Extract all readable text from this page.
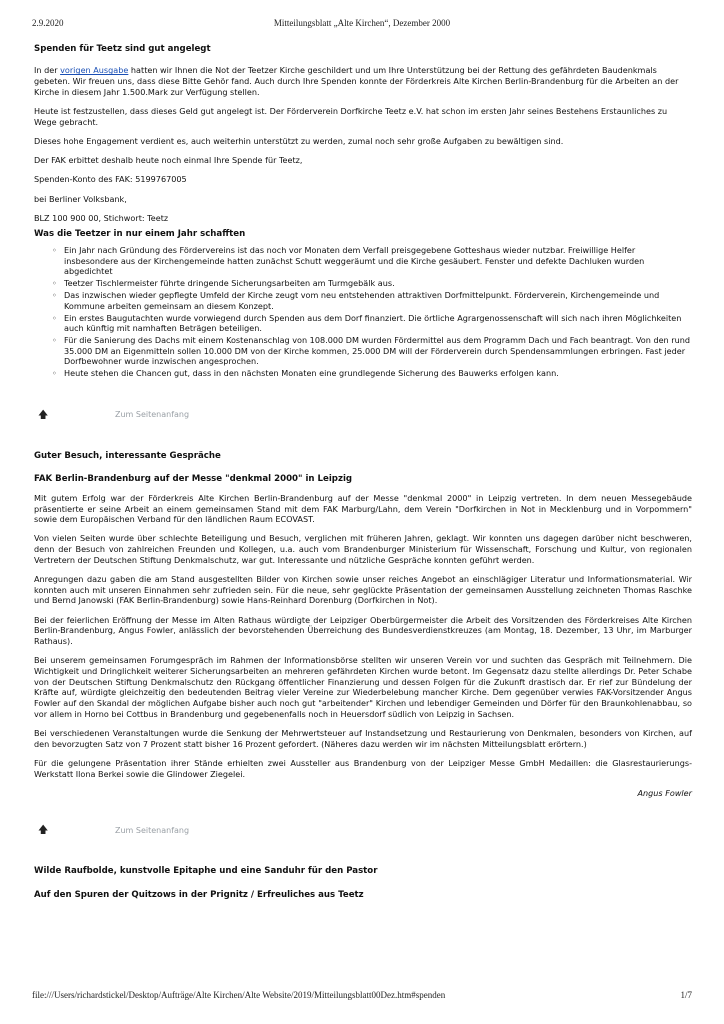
2.9.2020	Mitteilungsblatt „Alte Kirchen“, Dezember 2000
Spenden für Teetz sind gut angelegt

In der vorigen Ausgabe hatten wir Ihnen die Not der Teetzer Kirche geschildert und um Ihre Unterstützung bei der Rettung des gefährdeten Baudenkmals gebeten. Wir freuen uns, dass diese Bitte Gehör fand. Auch durch Ihre Spenden konnte der Förderkreis Alte Kirchen Berlin-Brandenburg für die Arbeiten an der Kirche in diesem Jahr 1.500.Mark zur Verfügung stellen.

Heute ist festzustellen, dass dieses Geld gut angelegt ist. Der Förderverein Dorfkirche Teetz e.V. hat schon im ersten Jahr seines Bestehens Erstaunliches zu Wege gebracht.

Dieses hohe Engagement verdient es, auch weiterhin unterstützt zu werden, zumal noch sehr große Aufgaben zu bewältigen sind.

Der FAK erbittet deshalb heute noch einmal Ihre Spende für Teetz,

Spenden-Konto des FAK: 5199767005

bei Berliner Volksbank,

BLZ 100 900 00, Stichwort: Teetz

Was die Teetzer in nur einem Jahr schafften
◦ Ein Jahr nach Gründung des Fördervereins ist das noch vor Monaten dem Verfall preisgegebene Gotteshaus wieder nutzbar. Freiwillige Helfer insbesondere aus der Kirchengemeinde hatten zunächst Schutt weggeräumt und die Kirche gesäubert. Fenster und defekte Dachluken wurden abgedichtet
◦ Teetzer Tischlermeister führte dringende Sicherungsarbeiten am Turmgebälk aus.
◦ Das inzwischen wieder gepflegte Umfeld der Kirche zeugt vom neu entstehenden attraktiven Dorfmittelpunkt. Förderverein, Kirchengemeinde und Kommune arbeiten gemeinsam an diesem Konzept.
◦ Ein erstes Baugutachten wurde vorwiegend durch Spenden aus dem Dorf finanziert. Die örtliche Agrargenossenschaft will sich nach ihren Möglichkeiten auch künftig mit namhaften Beträgen beteiligen.
◦ Für die Sanierung des Dachs mit einem Kostenanschlag von 108.000 DM wurden Fördermittel aus dem Programm Dach und Fach beantragt. Von den rund 35.000 DM an Eigenmitteln sollen 10.000 DM von der Kirche kommen, 25.000 DM will der Förderverein durch Spendensammlungen erbringen. Fast jeder Dorfbewohner wurde inzwischen angesprochen.
◦ Heute stehen die Chancen gut, dass in den nächsten Monaten eine grundlegende Sicherung des Bauwerks erfolgen kann.
🡅	Zum Seitenanfang
Guter Besuch, interessante Gespräche
FAK Berlin-Brandenburg auf der Messe "denkmal 2000" in Leipzig

Mit gutem Erfolg war der Förderkreis Alte Kirchen Berlin-Brandenburg auf der Messe "denkmal 2000" in Leipzig vertreten. In dem neuen Messegebäude präsentierte er seine Arbeit an einem gemeinsamen Stand mit dem FAK Marburg/Lahn, dem Verein "Dorfkirchen in Not in Mecklenburg und in Vorpommern" sowie dem Europäischen Verband für den ländlichen Raum ECOVAST.

Von vielen Seiten wurde über schlechte Beteiligung und Besuch, verglichen mit früheren Jahren, geklagt. Wir konnten uns dagegen darüber nicht beschweren, denn der Besuch von zahlreichen Freunden und Kollegen, u.a. auch vom Brandenburger Ministerium für Wissenschaft, Forschung und Kultur, von regionalen Vertretern der Deutschen Stiftung Denkmalschutz, war gut. Interessante und nützliche Gespräche konnten geführt werden.

Anregungen dazu gaben die am Stand ausgestellten Bilder von Kirchen sowie unser reiches Angebot an einschlägiger Literatur und Informationsmaterial. Wir konnten auch mit unseren Einnahmen sehr zufrieden sein. Für die neue, sehr geglückte Präsentation der gemeinsamen Ausstellung zeichneten Thomas Raschke und Bernd Janowski (FAK Berlin-Brandenburg) sowie Hans-Reinhard Dorenburg (Dorfkirchen in Not).

Bei der feierlichen Eröffnung der Messe im Alten Rathaus würdigte der Leipziger Oberbürgermeister die Arbeit des Vorsitzenden des Förderkreises Alte Kirchen Berlin-Brandenburg, Angus Fowler, anlässlich der bevorstehenden Überreichung des Bundesverdienstkreuzes (am Montag, 18. Dezember, 13 Uhr, im Marburger Rathaus).

Bei unserem gemeinsamen Forumgespräch im Rahmen der Informationsbörse stellten wir unseren Verein vor und suchten das Gespräch mit Teilnehmern. Die Wichtigkeit und Dringlichkeit weiterer Sicherungsarbeiten an mehreren gefährdeten Kirchen wurde betont. Im Gegensatz dazu stellte allerdings Dr. Peter Schabe von der Deutschen Stiftung Denkmalschutz den Rückgang öffentlicher Finanzierung und dessen Folgen für die Zukunft drastisch dar. Er rief zur Bündelung der Kräfte auf, würdigte gleichzeitig den bedeutenden Beitrag vieler Vereine zur Wiederbelebung mancher Kirche. Dem gegenüber verwies FAK-Vorsitzender Angus Fowler auf den Skandal der möglichen Aufgabe bisher auch noch gut "arbeitender" Kirchen und lebendiger Gemeinden und Dörfer für den Braunkohlenabbau, so vor allem in Horno bei Cottbus in Brandenburg und gegebenenfalls noch in Heuersdorf südlich von Leipzig in Sachsen.

Bei verschiedenen Veranstaltungen wurde die Senkung der Mehrwertsteuer auf Instandsetzung und Restaurierung von Denkmalen, besonders von Kirchen, auf den bevorzugten Satz von 7 Prozent statt bisher 16 Prozent gefordert. (Näheres dazu werden wir im nächsten Mitteilungsblatt erörtern.)

Für die gelungene Präsentation ihrer Stände erhielten zwei Aussteller aus Brandenburg von der Leipziger Messe GmbH Medaillen: die Glasrestaurierungs-Werkstatt Ilona Berkei sowie die Glindower Ziegelei.

Angus Fowler

🡅	Zum Seitenanfang
Wilde Raufbolde, kunstvolle Epitaphe und eine Sanduhr für den Pastor
Auf den Spuren der Quitzows in der Prignitz / Erfreuliches aus Teetz
file:///Users/richardstickel/Desktop/Aufträge/Alte Kirchen/Alte Website/2019/Mitteilungsblatt00Dez.htm#spenden	1/7
